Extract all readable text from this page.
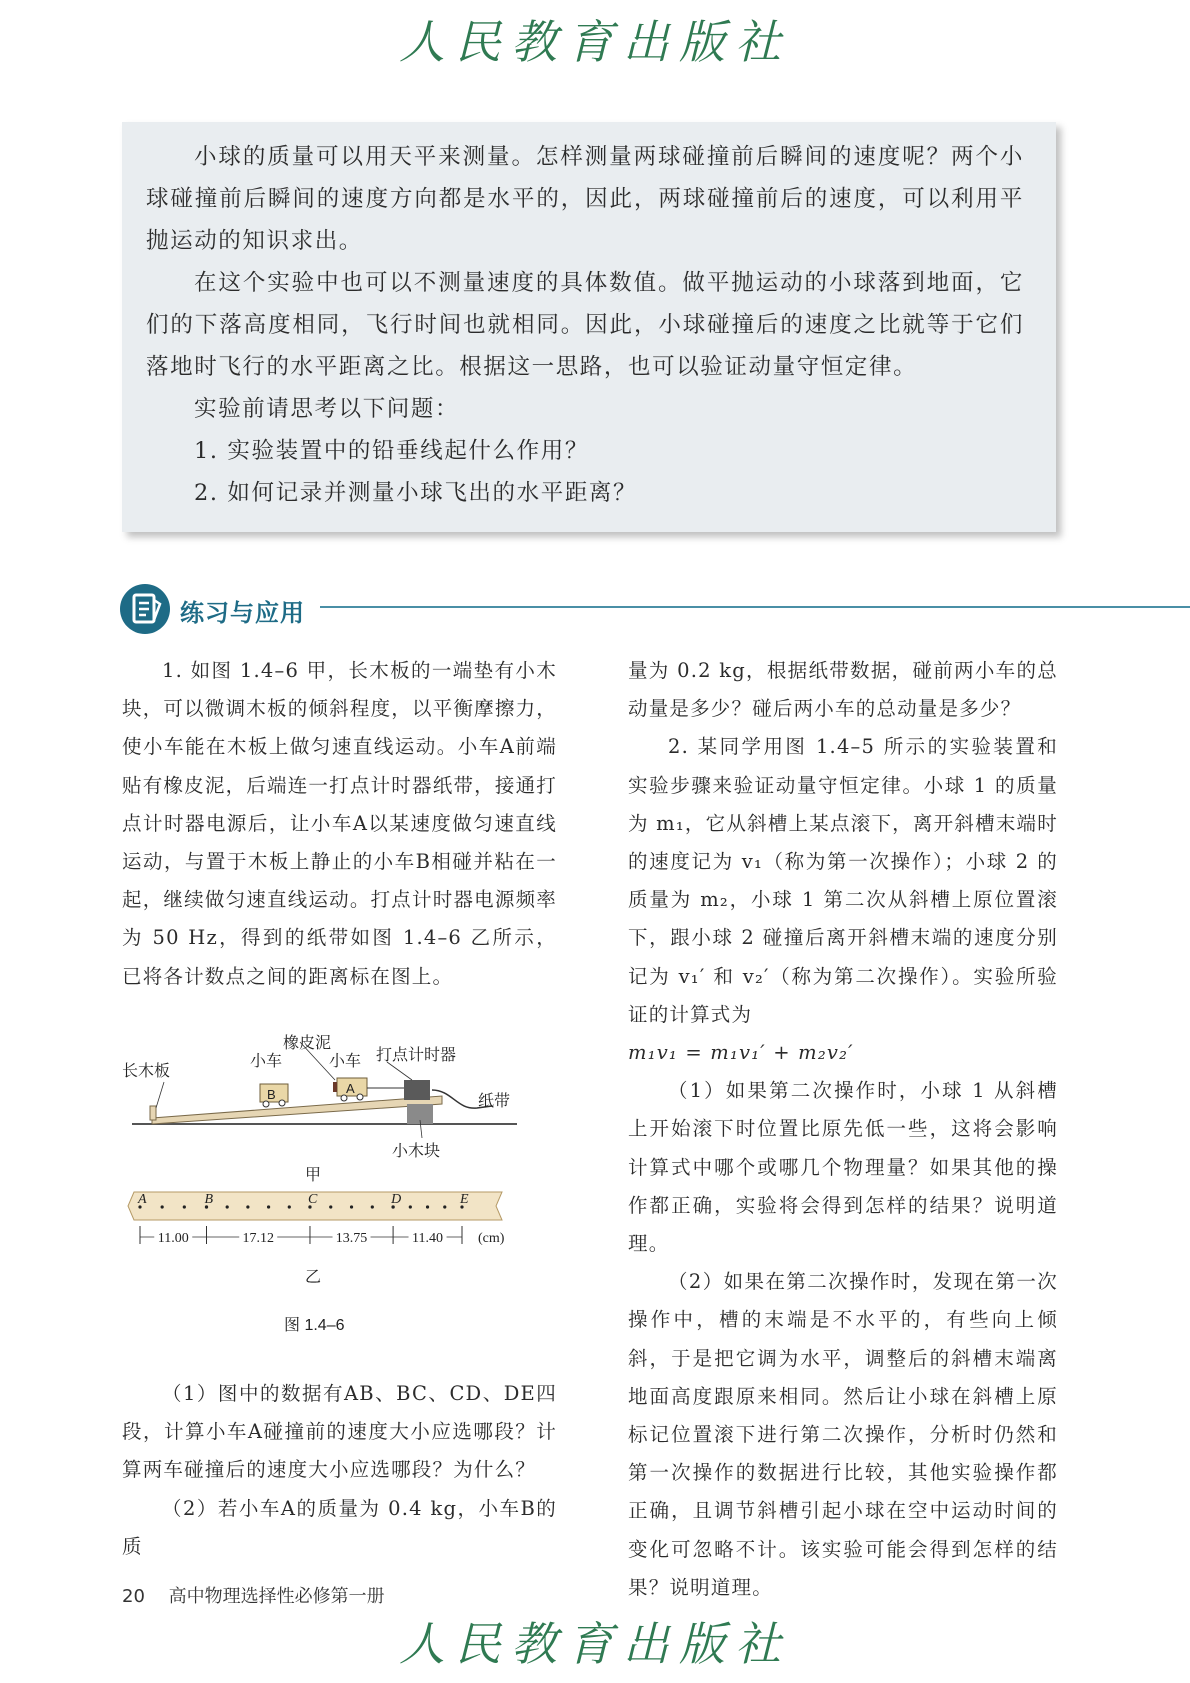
人民教育出版社

小球的质量可以用天平来测量。怎样测量两球碰撞前后瞬间的速度呢？两个小球碰撞前后瞬间的速度方向都是水平的，因此，两球碰撞前后的速度，可以利用平抛运动的知识求出。

在这个实验中也可以不测量速度的具体数值。做平抛运动的小球落到地面，它们的下落高度相同，飞行时间也就相同。因此，小球碰撞后的速度之比就等于它们落地时飞行的水平距离之比。根据这一思路，也可以验证动量守恒定律。

实验前请思考以下问题：

1. 实验装置中的铅垂线起什么作用？

2. 如何记录并测量小球飞出的水平距离？

练习与应用

1. 如图 1.4–6 甲，长木板的一端垫有小木块，可以微调木板的倾斜程度，以平衡摩擦力，使小车能在木板上做匀速直线运动。小车A前端贴有橡皮泥，后端连一打点计时器纸带，接通打点计时器电源后，让小车A以某速度做匀速直线运动，与置于木板上静止的小车B相碰并粘在一起，继续做匀速直线运动。打点计时器电源频率为 50 Hz，得到的纸带如图 1.4–6 乙所示，已将各计数点之间的距离标在图上。

长木板
小车
橡皮泥
小车 打点计时器
纸带
小木块
B	A
甲
A	B	C	D	E
11.00	17.12	13.75	11.40 (cm)
乙
图 1.4–6

（1）图中的数据有AB、BC、CD、DE四段，计算小车A碰撞前的速度大小应选哪段？计算两车碰撞后的速度大小应选哪段？为什么？

（2）若小车A的质量为 0.4 kg，小车B的质

量为 0.2 kg，根据纸带数据，碰前两小车的总动量是多少？碰后两小车的总动量是多少？

2. 某同学用图 1.4–5 所示的实验装置和实验步骤来验证动量守恒定律。小球 1 的质量为 m₁，它从斜槽上某点滚下，离开斜槽末端时的速度记为 v₁（称为第一次操作）；小球 2 的质量为 m₂，小球 1 第二次从斜槽上原位置滚下，跟小球 2 碰撞后离开斜槽末端的速度分别记为 v₁′ 和 v₂′（称为第二次操作）。实验所验证的计算式为

m₁v₁ = m₁v₁′ + m₂v₂′

（1）如果第二次操作时，小球 1 从斜槽上开始滚下时位置比原先低一些，这将会影响计算式中哪个或哪几个物理量？如果其他的操作都正确，实验将会得到怎样的结果？说明道理。

（2）如果在第二次操作时，发现在第一次操作中，槽的末端是不水平的，有些向上倾斜，于是把它调为水平，调整后的斜槽末端离地面高度跟原来相同。然后让小球在斜槽上原标记位置滚下进行第二次操作，分析时仍然和第一次操作的数据进行比较，其他实验操作都正确，且调节斜槽引起小球在空中运动时间的变化可忽略不计。该实验可能会得到怎样的结果？说明道理。

20 高中物理选择性必修第一册
人民教育出版社
